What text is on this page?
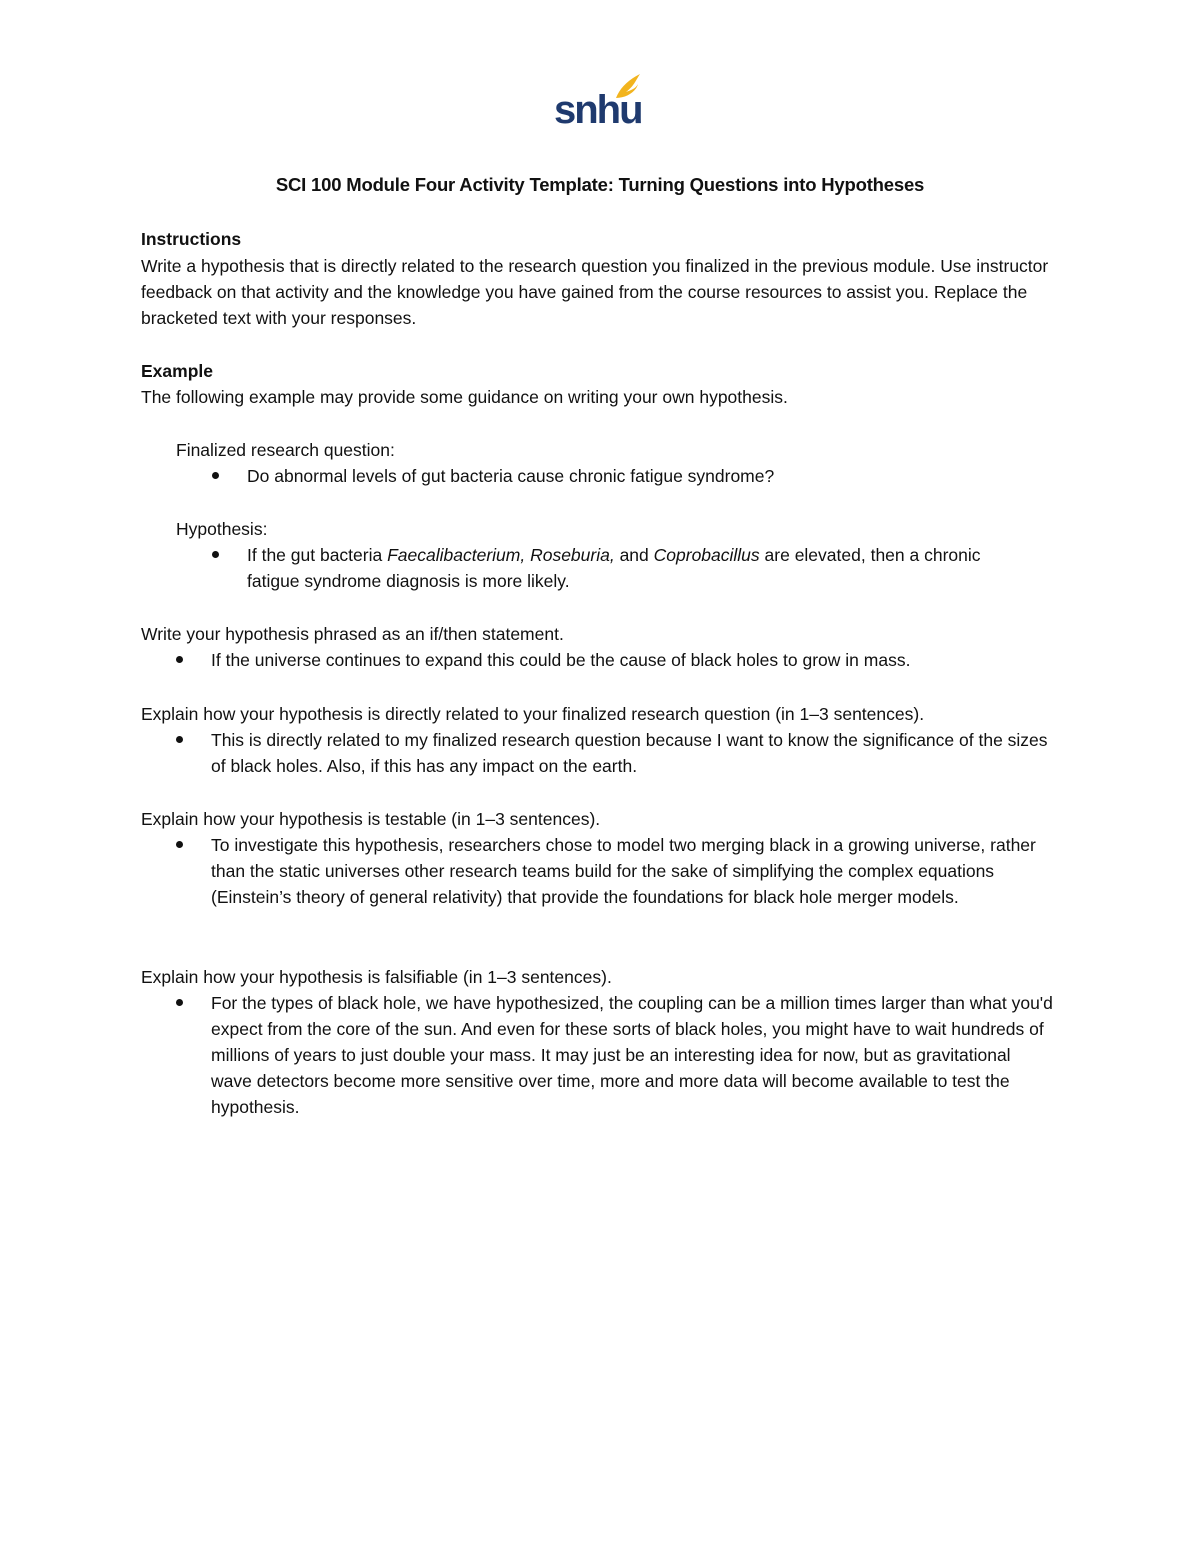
snhu
SCI 100 Module Four Activity Template: Turning Questions into Hypotheses
Instructions
Write a hypothesis that is directly related to the research question you finalized in the previous module. Use instructor feedback on that activity and the knowledge you have gained from the course resources to assist you. Replace the bracketed text with your responses.
Example
The following example may provide some guidance on writing your own hypothesis.
Finalized research question:
Do abnormal levels of gut bacteria cause chronic fatigue syndrome?
Hypothesis:
If the gut bacteria Faecalibacterium, Roseburia, and Coprobacillus are elevated, then a chronic fatigue syndrome diagnosis is more likely.
Write your hypothesis phrased as an if/then statement.
If the universe continues to expand this could be the cause of black holes to grow in mass.
Explain how your hypothesis is directly related to your finalized research question (in 1–3 sentences).
This is directly related to my finalized research question because I want to know the significance of the sizes of black holes. Also, if this has any impact on the earth.
Explain how your hypothesis is testable (in 1–3 sentences).
To investigate this hypothesis, researchers chose to model two merging black in a growing universe, rather than the static universes other research teams build for the sake of simplifying the complex equations (Einstein’s theory of general relativity) that provide the foundations for black hole merger models.
Explain how your hypothesis is falsifiable (in 1–3 sentences).
For the types of black hole, we have hypothesized, the coupling can be a million times larger than what you'd expect from the core of the sun. And even for these sorts of black holes, you might have to wait hundreds of millions of years to just double your mass. It may just be an interesting idea for now, but as gravitational wave detectors become more sensitive over time, more and more data will become available to test the hypothesis.
